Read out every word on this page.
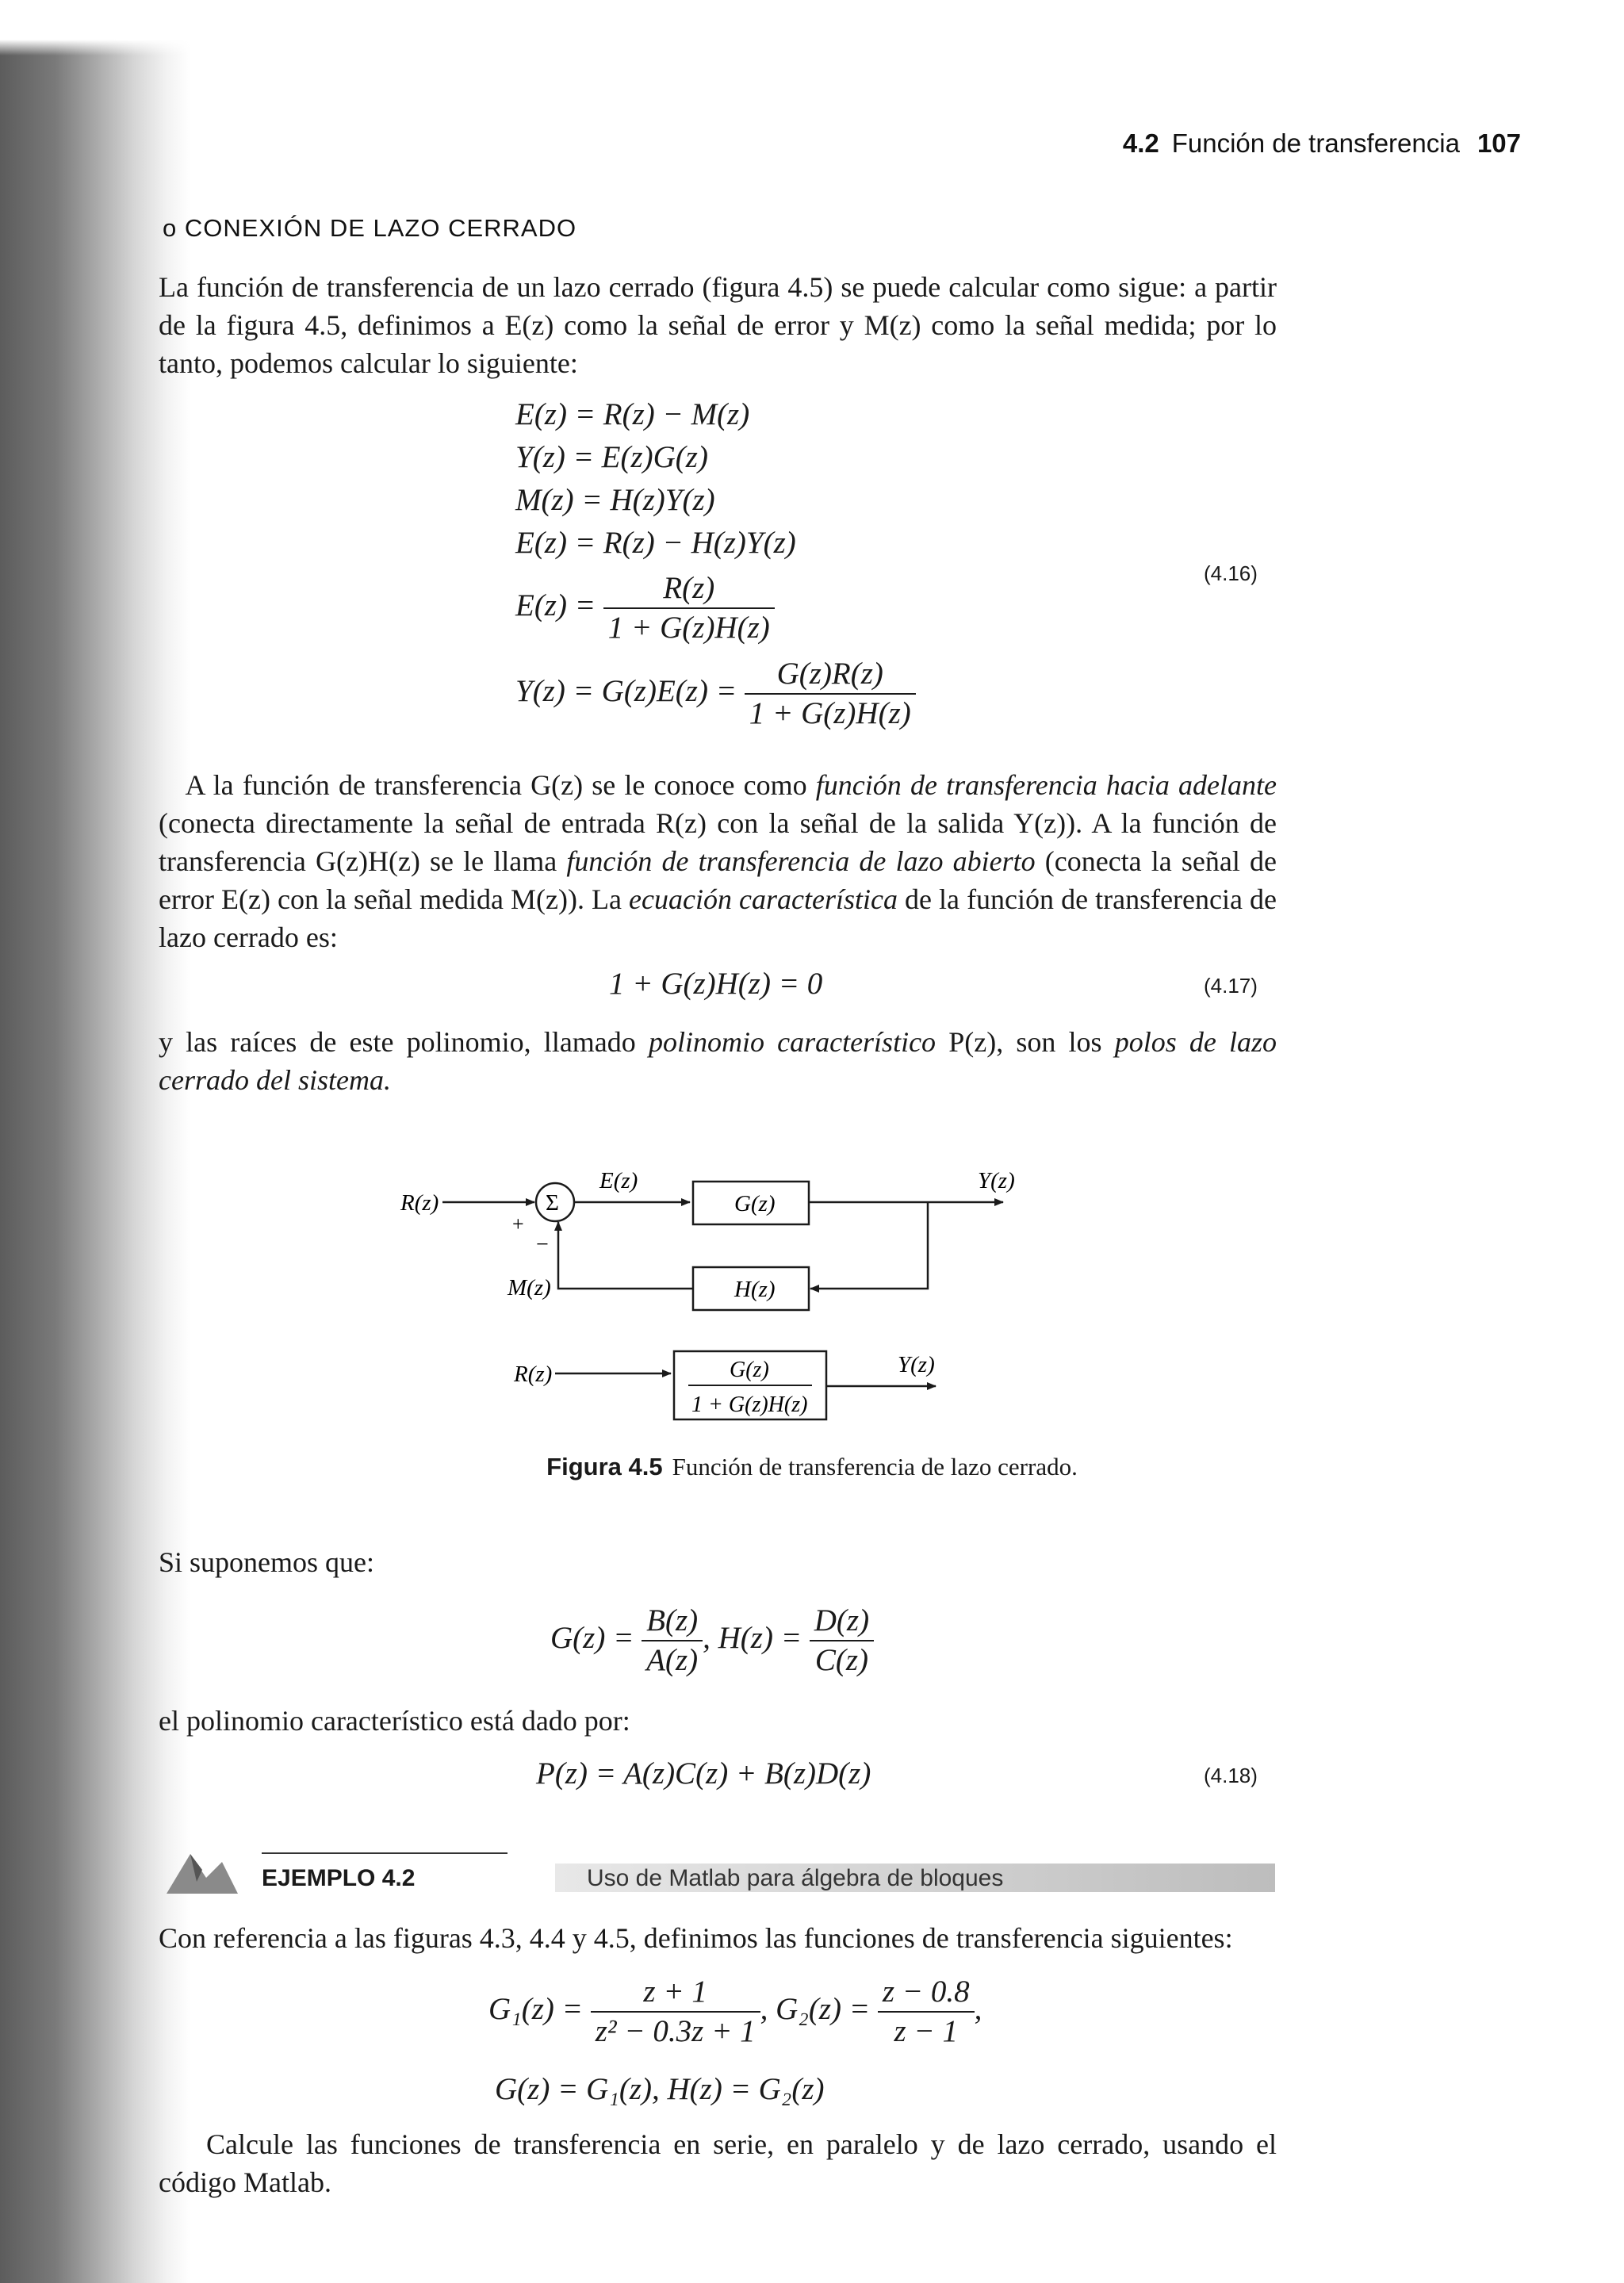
4.2 Función de transferencia 107
o CONEXIÓN DE LAZO CERRADO
La función de transferencia de un lazo cerrado (figura 4.5) se puede calcular como sigue: a partir de la figura 4.5, definimos a E(z) como la señal de error y M(z) como la señal medida; por lo tanto, podemos calcular lo siguiente:
E(z) = R(z) − M(z)
Y(z) = E(z)G(z)
M(z) = H(z)Y(z)
E(z) = R(z) − H(z)Y(z)
$E(z) = \frac{R(z)}{1 + G(z)H(z)}$
$Y(z) = G(z)E(z) = \frac{G(z)R(z)}{1 + G(z)H(z)}$
(4.16)
A la función de transferencia G(z) se le conoce como función de transferencia hacia adelante (conecta directamente la señal de entrada R(z) con la señal de la salida Y(z)). A la función de transferencia G(z)H(z) se le llama función de transferencia de lazo abierto (conecta la señal de error E(z) con la señal medida M(z)). La ecuación característica de la función de transferencia de lazo cerrado es:
1 + G(z)H(z) = 0	(4.17)
y las raíces de este polinomio, llamado polinomio característico P(z), son los polos de lazo cerrado del sistema.
R(z)	Σ
E(z)
+
−
G(z)
Y(z)
H(z)
M(z)
R(z)	G(z)
1 + G(z)H(z)
Y(z)
Figura 4.5 Función de transferencia de lazo cerrado.
Si suponemos que:
$G(z) = \frac{B(z)}{A(z)}$ , $H(z) = \frac{D(z)}{C(z)}$
el polinomio característico está dado por:
P(z) = A(z)C(z) + B(z)D(z)	(4.18)
EJEMPLO 4.2	Uso de Matlab para álgebra de bloques
Con referencia a las figuras 4.3, 4.4 y 4.5, definimos las funciones de transferencia siguientes:
$G_1(z) = \frac{z + 1}{\text{z² − 0.3z + 1}}$ , $G_2(z) = \frac{z - 0.8}{z - 1}$ ,
G(z) = G₁(z), H(z) = G₂(z)
Calcule las funciones de transferencia en serie, en paralelo y de lazo cerrado, usando el código Matlab.
